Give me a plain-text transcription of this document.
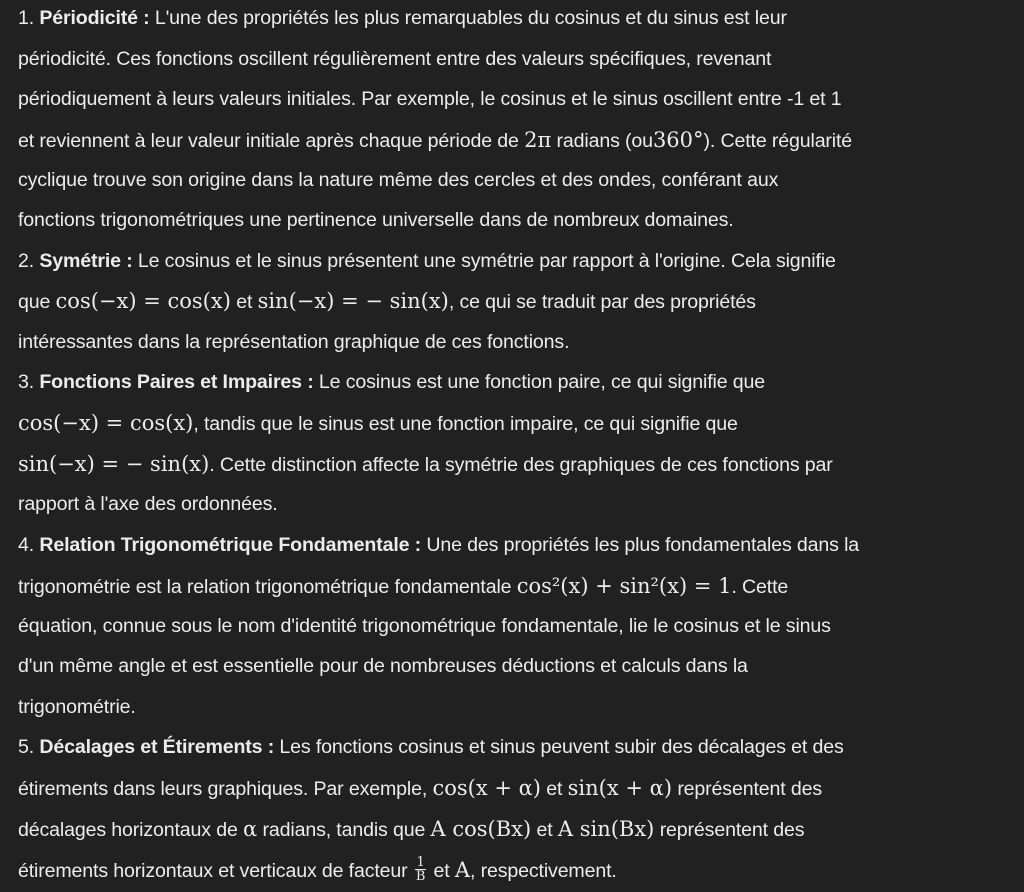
1. Périodicité : L'une des propriétés les plus remarquables du cosinus et du sinus est leur
périodicité. Ces fonctions oscillent régulièrement entre des valeurs spécifiques, revenant
périodiquement à leurs valeurs initiales. Par exemple, le cosinus et le sinus oscillent entre -1 et 1
et reviennent à leur valeur initiale après chaque période de 2π radians (ou360°). Cette régularité
cyclique trouve son origine dans la nature même des cercles et des ondes, conférant aux
fonctions trigonométriques une pertinence universelle dans de nombreux domaines.
2. Symétrie : Le cosinus et le sinus présentent une symétrie par rapport à l'origine. Cela signifie
que cos(−x) = cos(x) et sin(−x) = − sin(x), ce qui se traduit par des propriétés
intéressantes dans la représentation graphique de ces fonctions.
3. Fonctions Paires et Impaires : Le cosinus est une fonction paire, ce qui signifie que
cos(−x) = cos(x), tandis que le sinus est une fonction impaire, ce qui signifie que
sin(−x) = − sin(x). Cette distinction affecte la symétrie des graphiques de ces fonctions par
rapport à l'axe des ordonnées.
4. Relation Trigonométrique Fondamentale : Une des propriétés les plus fondamentales dans la
trigonométrie est la relation trigonométrique fondamentale cos²(x) + sin²(x) = 1. Cette
équation, connue sous le nom d'identité trigonométrique fondamentale, lie le cosinus et le sinus
d'un même angle et est essentielle pour de nombreuses déductions et calculs dans la
trigonométrie.
5. Décalages et Étirements : Les fonctions cosinus et sinus peuvent subir des décalages et des
étirements dans leurs graphiques. Par exemple, cos(x + α) et sin(x + α) représentent des
décalages horizontaux de α radians, tandis que A cos(Bx) et A sin(Bx) représentent des
étirements horizontaux et verticaux de facteur $\frac{1}{B}$ et A, respectivement.
